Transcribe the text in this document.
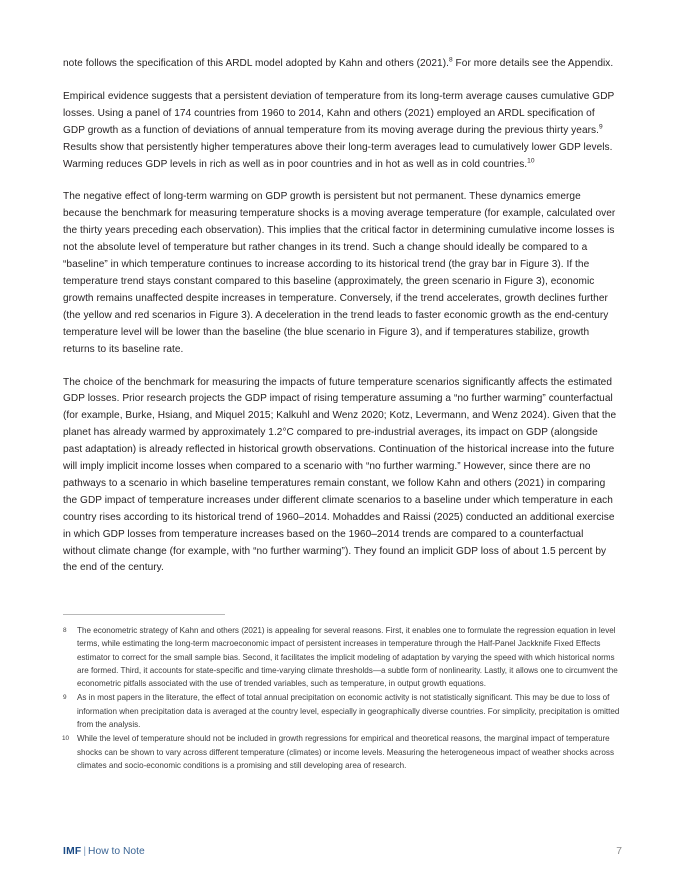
note follows the specification of this ARDL model adopted by Kahn and others (2021).$^8$ For more details see the Appendix.

Empirical evidence suggests that a persistent deviation of temperature from its long-term average causes cumulative GDP losses. Using a panel of 174 countries from 1960 to 2014, Kahn and others (2021) employed an ARDL specification of GDP growth as a function of deviations of annual temperature from its moving average during the previous thirty years.$^9$ Results show that persistently higher temperatures above their long-term averages lead to cumulatively lower GDP levels. Warming reduces GDP levels in rich as well as in poor countries and in hot as well as in cold countries.$^{10}$

The negative effect of long-term warming on GDP growth is persistent but not permanent. These dynamics emerge because the benchmark for measuring temperature shocks is a moving average temperature (for example, calculated over the thirty years preceding each observation). This implies that the critical factor in determining cumulative income losses is not the absolute level of temperature but rather changes in its trend. Such a change should ideally be compared to a “baseline” in which temperature continues to increase according to its historical trend (the gray bar in Figure 3). If the temperature trend stays constant compared to this baseline (approximately, the green scenario in Figure 3), economic growth remains unaffected despite increases in temperature. Conversely, if the trend accelerates, growth declines further (the yellow and red scenarios in Figure 3). A deceleration in the trend leads to faster economic growth as the end-century temperature level will be lower than the baseline (the blue scenario in Figure 3), and if temperatures stabilize, growth returns to its baseline rate.

The choice of the benchmark for measuring the impacts of future temperature scenarios significantly affects the estimated GDP losses. Prior research projects the GDP impact of rising temperature assuming a “no further warming” counterfactual (for example, Burke, Hsiang, and Miquel 2015; Kalkuhl and Wenz 2020; Kotz, Levermann, and Wenz 2024). Given that the planet has already warmed by approximately 1.2°C compared to pre-industrial averages, its impact on GDP (alongside past adaptation) is already reflected in historical growth observations. Continuation of the historical increase into the future will imply implicit income losses when compared to a scenario with “no further warming.” However, since there are no pathways to a scenario in which baseline temperatures remain constant, we follow Kahn and others (2021) in comparing the GDP impact of temperature increases under different climate scenarios to a baseline under which temperature in each country rises according to its historical trend of 1960–2014. Mohaddes and Raissi (2025) conducted an additional exercise in which GDP losses from temperature increases based on the 1960–2014 trends are compared to a counterfactual without climate change (for example, with “no further warming”). They found an implicit GDP loss of about 1.5 percent by the end of the century.

8 The econometric strategy of Kahn and others (2021) is appealing for several reasons. First, it enables one to formulate the regression equation in level terms, while estimating the long-term macroeconomic impact of persistent increases in temperature through the Half-Panel Jackknife Fixed Effects estimator to correct for the small sample bias. Second, it facilitates the implicit modeling of adaptation by varying the speed with which historical norms are formed. Third, it accounts for state-specific and time-varying climate thresholds—a subtle form of nonlinearity. Lastly, it allows one to circumvent the econometric pitfalls associated with the use of trended variables, such as temperature, in output growth equations.
9 As in most papers in the literature, the effect of total annual precipitation on economic activity is not statistically significant. This may be due to loss of information when precipitation data is averaged at the country level, especially in geographically diverse countries. For simplicity, precipitation is omitted from the analysis.
10 While the level of temperature should not be included in growth regressions for empirical and theoretical reasons, the marginal impact of temperature shocks can be shown to vary across different temperature (climates) or income levels. Measuring the heterogeneous impact of weather shocks across climates and socio-economic conditions is a promising and still developing area of research.
IMF | How to Note	7
